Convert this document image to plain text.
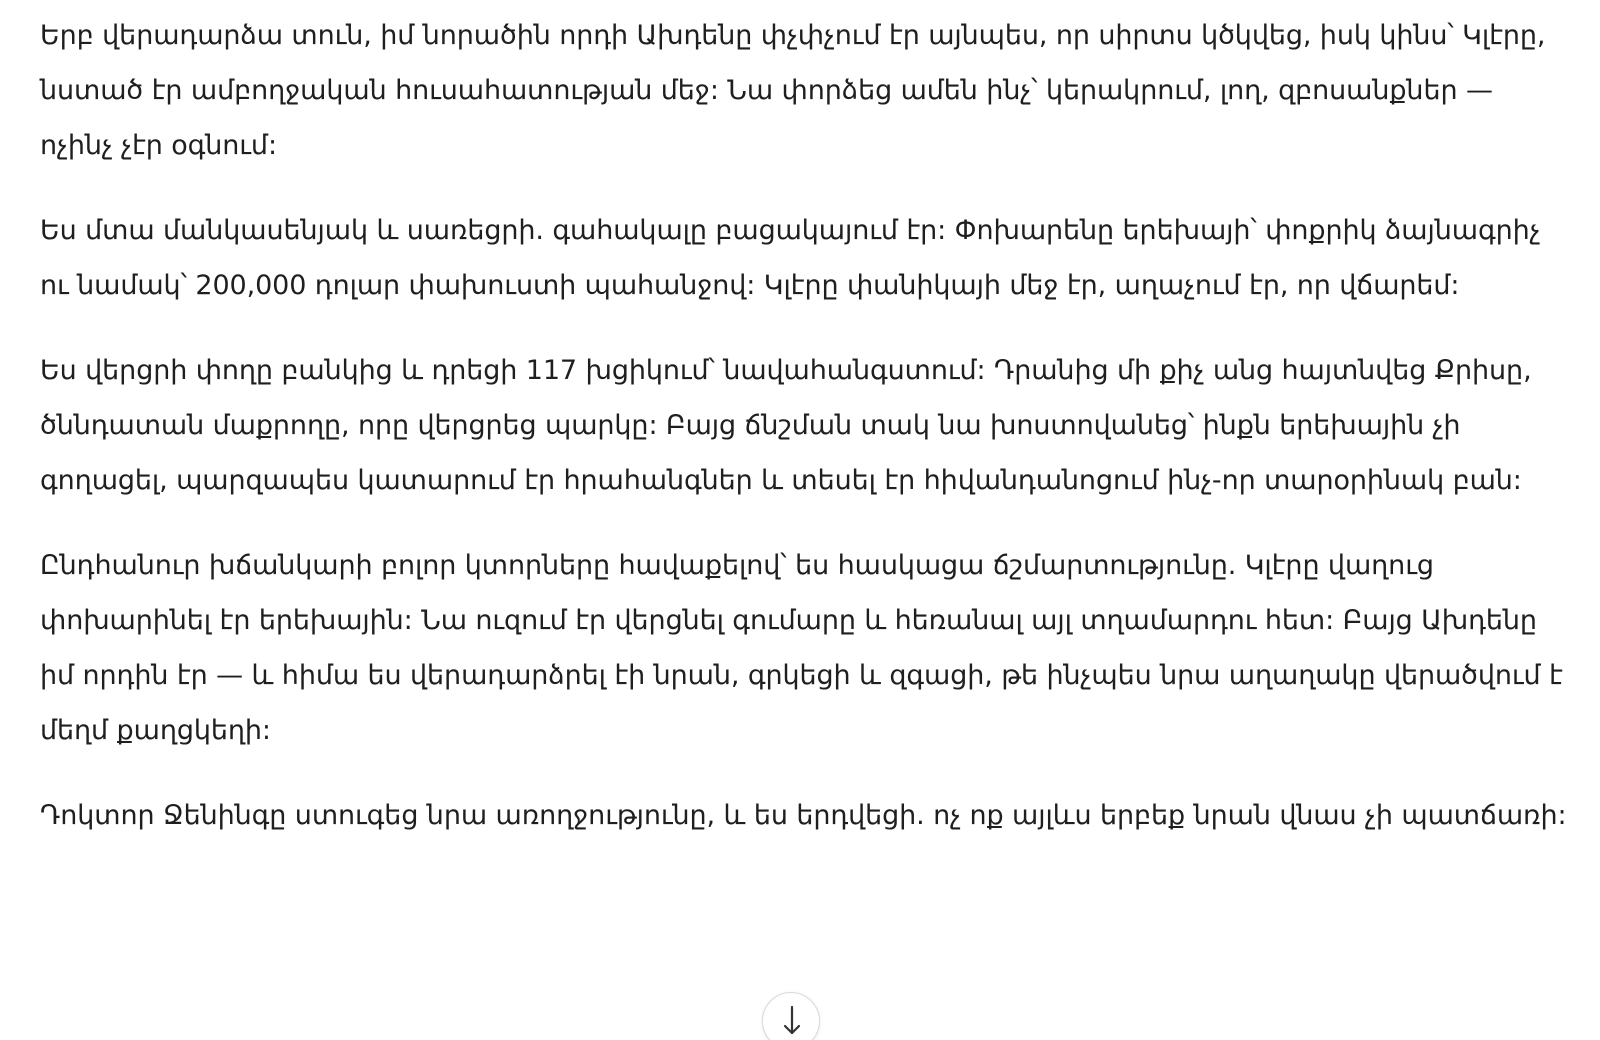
Երբ վերադարձա տուն, իմ նորածին որդի Ախդենը փչփչում էր այնպես, որ սիրտս կծկվեց, իսկ կինս՝ Կլէրը, նստած էր ամբողջական հուսահատության մեջ: Նա փորձեց ամեն ինչ՝ կերակրում, լող, զբոսանքներ — ոչինչ չէր օգնում:

Ես մտա մանկասենյակ և սառեցրի. գահակալը բացակայում էր: Փոխարենը երեխայի՝ փոքրիկ ձայնագրիչ ու նամակ՝ 200,000 դոլար փախուստի պահանջով: Կլէրը փանիկայի մեջ էր, աղաչում էր, որ վճարեմ:

Ես վերցրի փողը բանկից և դրեցի 117 խցիկում՝ նավահանգստում: Դրանից մի քիչ անց հայտնվեց Քրիսը, ծննդատան մաքրողը, որը վերցրեց պարկը: Բայց ճնշման տակ նա խոստովանեց՝ ինքն երեխային չի գողացել, պարզապես կատարում էր հրահանգներ և տեսել էր հիվանդանոցում ինչ-որ տարօրինակ բան:

Ընդհանուր խճանկարի բոլոր կտորները հավաքելով՝ ես հասկացա ճշմարտությունը. Կլէրը վաղուց փոխարինել էր երեխային: Նա ուզում էր վերցնել գումարը և հեռանալ այլ տղամարդու հետ: Բայց Ախդենը իմ որդին էր — և հիմա ես վերադարձրել էի նրան, գրկեցի և զգացի, թե ինչպես նրա աղաղակը վերածվում է մեղմ քաղցկեղի:

Դոկտոր Ջենինգը ստուգեց նրա առողջությունը, և ես երդվեցի. ոչ ոք այլևս երբեք նրան վնաս չի պատճառի:
